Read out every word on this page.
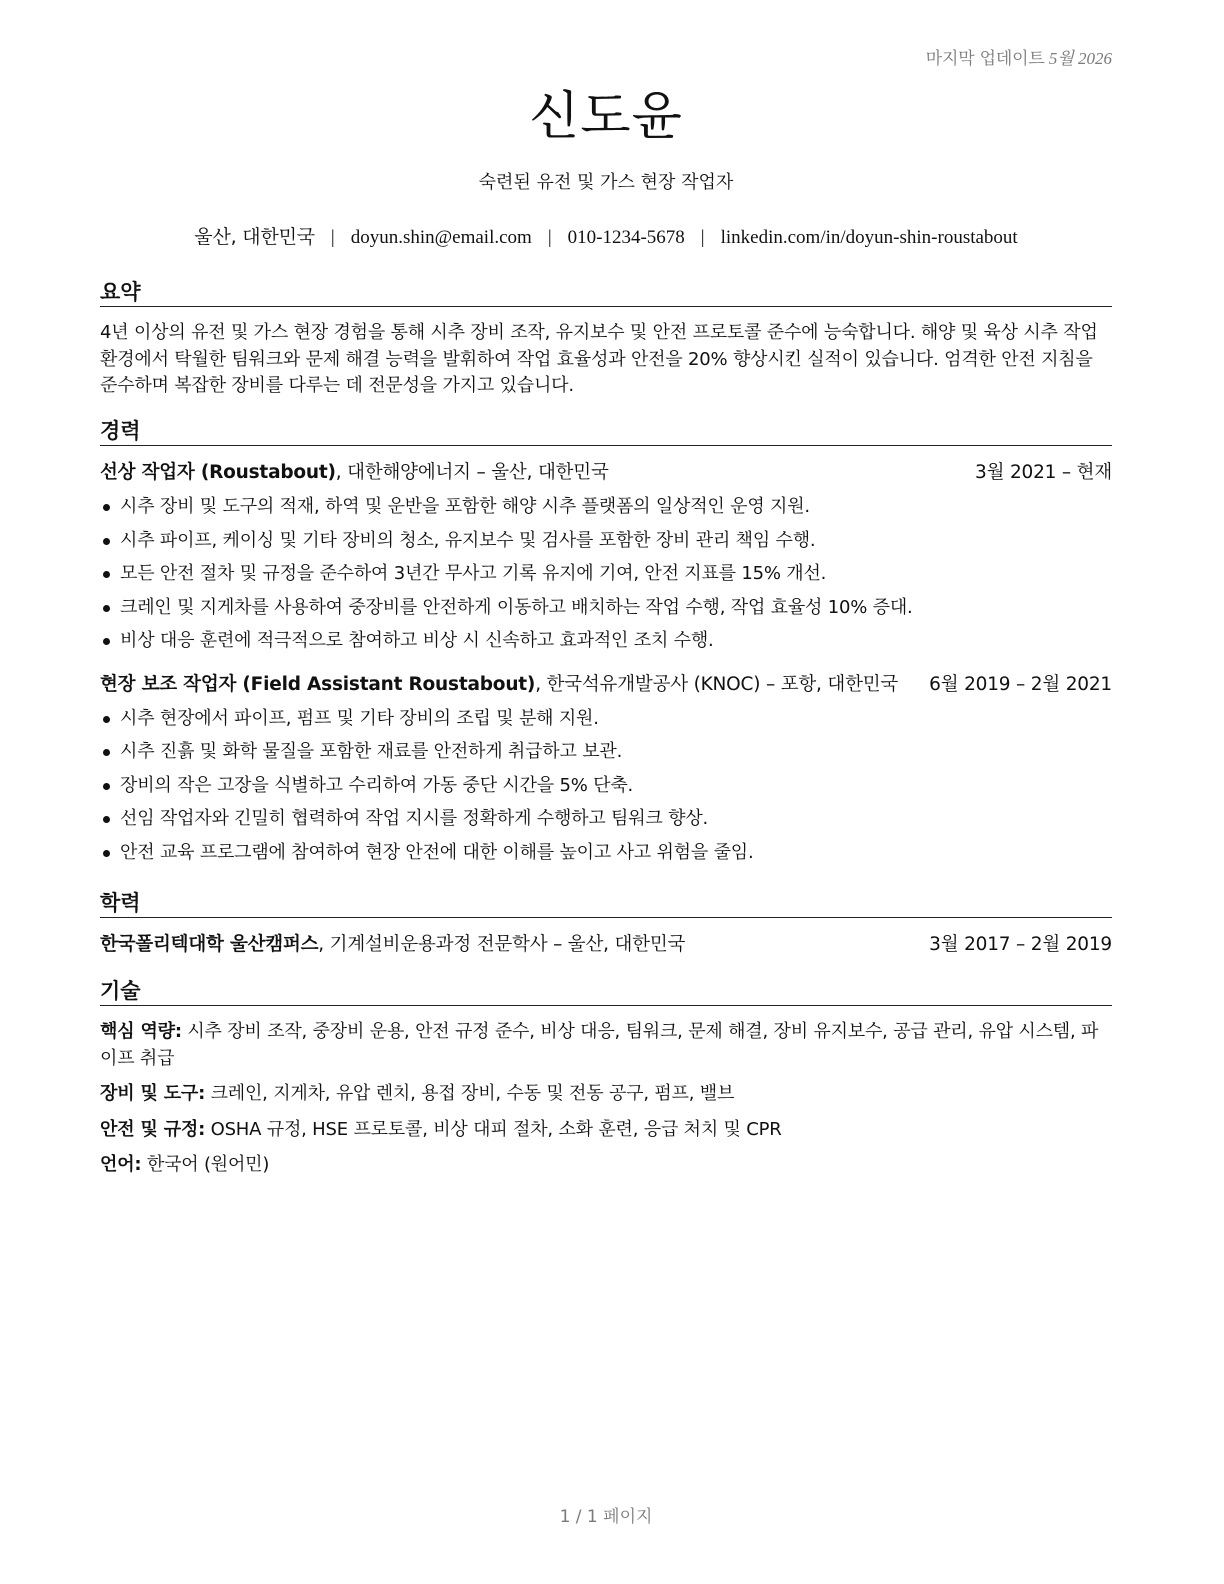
마지막 업데이트 5월 2026
신도윤
숙련된 유전 및 가스 현장 작업자
울산, 대한민국 | doyun.shin@email.com | 010-1234-5678 | linkedin.com/in/doyun-shin-roustabout
요약
4년 이상의 유전 및 가스 현장 경험을 통해 시추 장비 조작, 유지보수 및 안전 프로토콜 준수에 능숙합니다. 해양 및 육상 시추 작업 환경에서 탁월한 팀워크와 문제 해결 능력을 발휘하여 작업 효율성과 안전을 20% 향상시킨 실적이 있습니다. 엄격한 안전 지침을 준수하며 복잡한 장비를 다루는 데 전문성을 가지고 있습니다.
경력
선상 작업자 (Roustabout), 대한해양에너지 – 울산, 대한민국	3월 2021 – 현재
시추 장비 및 도구의 적재, 하역 및 운반을 포함한 해양 시추 플랫폼의 일상적인 운영 지원.
시추 파이프, 케이싱 및 기타 장비의 청소, 유지보수 및 검사를 포함한 장비 관리 책임 수행.
모든 안전 절차 및 규정을 준수하여 3년간 무사고 기록 유지에 기여, 안전 지표를 15% 개선.
크레인 및 지게차를 사용하여 중장비를 안전하게 이동하고 배치하는 작업 수행, 작업 효율성 10% 증대.
비상 대응 훈련에 적극적으로 참여하고 비상 시 신속하고 효과적인 조치 수행.
현장 보조 작업자 (Field Assistant Roustabout), 한국석유개발공사 (KNOC) – 포항, 대한민국 6월 2019 – 2월 2021
시추 현장에서 파이프, 펌프 및 기타 장비의 조립 및 분해 지원.
시추 진흙 및 화학 물질을 포함한 재료를 안전하게 취급하고 보관.
장비의 작은 고장을 식별하고 수리하여 가동 중단 시간을 5% 단축.
선임 작업자와 긴밀히 협력하여 작업 지시를 정확하게 수행하고 팀워크 향상.
안전 교육 프로그램에 참여하여 현장 안전에 대한 이해를 높이고 사고 위험을 줄임.
학력
한국폴리텍대학 울산캠퍼스, 기계설비운용과정 전문학사 – 울산, 대한민국	3월 2017 – 2월 2019
기술
핵심 역량: 시추 장비 조작, 중장비 운용, 안전 규정 준수, 비상 대응, 팀워크, 문제 해결, 장비 유지보수, 공급 관리, 유압 시스템, 파이프 취급
장비 및 도구: 크레인, 지게차, 유압 렌치, 용접 장비, 수동 및 전동 공구, 펌프, 밸브
안전 및 규정: OSHA 규정, HSE 프로토콜, 비상 대피 절차, 소화 훈련, 응급 처치 및 CPR
언어: 한국어 (원어민)
1 / 1 페이지
